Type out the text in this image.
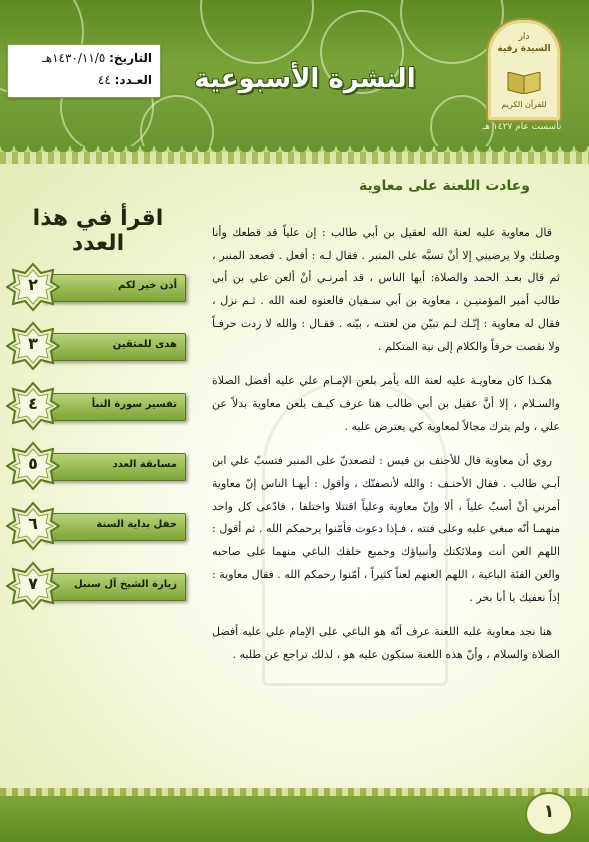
التاريخ: ١٤٣٠/١١/٥هـ
العـدد: ٤٤	النشرة الأسبوعية
دار
السيدة رقية
للقرآن الكريم
تأسست عام ١٤٢٧ هـ
اقرأ في هذا العدد
أذن خير لكم
٢
هدى للمتقين
٣
تفسير سورة النبأ
٤
مسابقة العدد
٥
حفل بداية السنة
٦
زيارة الشيخ آل سنبل
٧
وعادت اللعنة على معاوية

قال معاوية عليه لعنة الله لعقيل بن أبي طالب : إن علياً قد قطعك وأنا وصلتك ولا يرضيني إلا أنْ تسبَّه على المنبر . فقال لـه : أفعل . فصعد المنبر ، ثم قال بعـد الحمد والصلاة: أيها الناس ، قد أمرنـي أنْ ألعن علي بن أبي طالب أمير المؤمنيـن ، معاوية بن أبي سـفيان فالعنوه لعنه الله . ثـم نزل ، فقال له معاوية : إنّـك لـم تبيّن من لعنتـه ، بيّنه . فقـال : والله لا زدت حرفـاً ولا نقصت حرفاً والكلام إلى نية المتكلم .

هكـذا كان معاويـة عليه لعنة الله يأمر بلعن الإمـام علي عليه أفضل الصلاة والسـلام ، إلا أنَّ عقيل بن أبي طالب هنا عرف كيـف يلعن معاوية بدلاً عن علي ، ولم يترك مجالاً لمعاوية كي يعترض عليه .

روي أن معاوية قال للأحنف بن قيس : لتصعدنّ على المنبر فتسبّ علي ابن أبـي طالب . فقال الأحنـف : والله لأنصفنّك ، وأقول : أيهـا الناس إنّ معاوية أمرني أنْ أسبّ علياً ، ألا وإنّ معاوية وعلياً اقتتلا واختلفا ، فادّعى كل واحد منهمـا أنّه مبغي عليه وعلى فتته ، فـإذا دعوت فأمّنوا يرحمكم الله . ثم أقول : اللهم العن أنت وملائكتك وأنبياؤك وجميع خلقك الباغي منهما على صاحبه والعن الفئة الباغية ، اللهم العنهم لعناً كثيراً ، أمّنوا رحمكم الله . فقال معاوية : إذاً نعفيك يا أبا بحر .

هنا نجد معاوية عليه اللعنة عرف أنّه هو الباغي على الإمام علي عليه أفضل الصلاة والسلام ، وأنّ هذه اللعنة ستكون عليه هو ، لذلك تراجع عن طلبه .

١
